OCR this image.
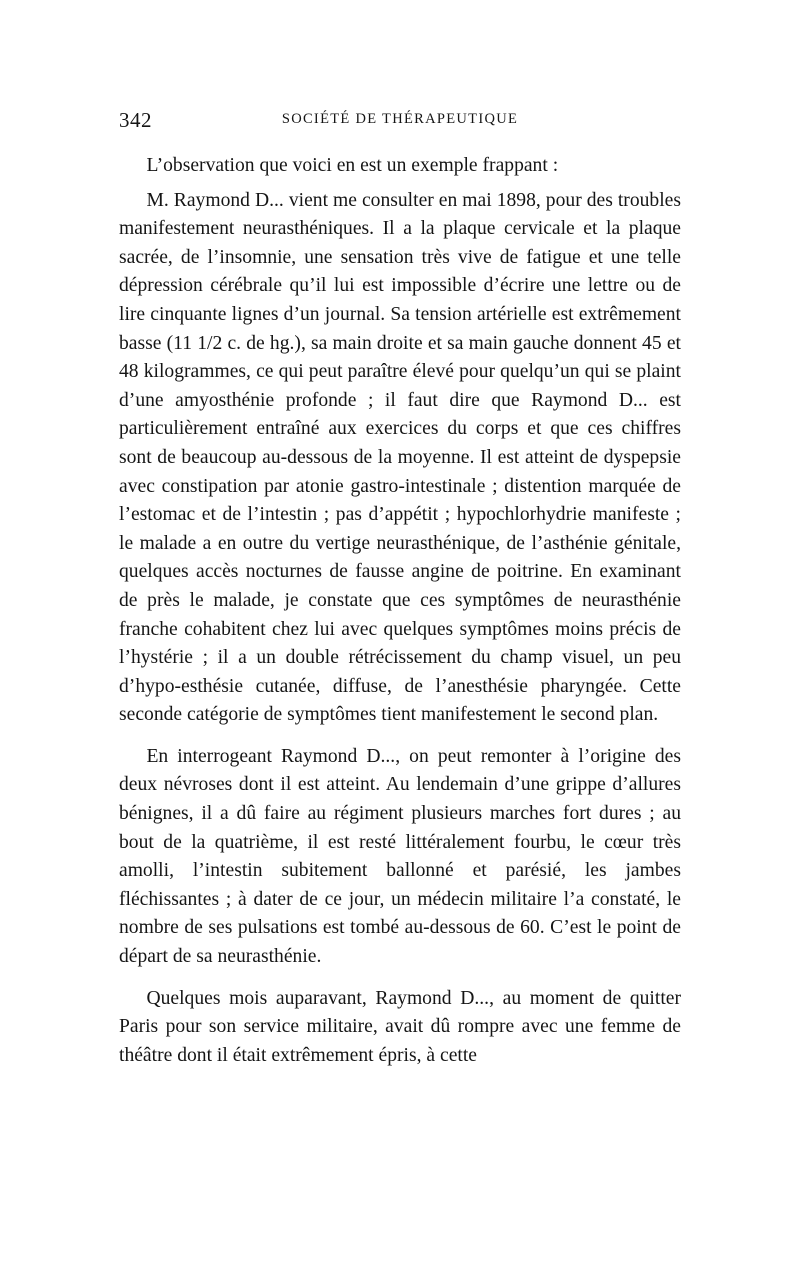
342	SOCIÉTÉ DE THÉRAPEUTIQUE

L’observation que voici en est un exemple frappant :

M. Raymond D... vient me consulter en mai 1898, pour des troubles manifestement neurasthéniques. Il a la plaque cervicale et la plaque sacrée, de l’insomnie, une sensation très vive de fatigue et une telle dépression cérébrale qu’il lui est impossible d’écrire une lettre ou de lire cinquante lignes d’un journal. Sa tension artérielle est extrêmement basse (11 1/2 c. de hg.), sa main droite et sa main gauche donnent 45 et 48 kilogrammes, ce qui peut paraître élevé pour quelqu’un qui se plaint d’une amyosthénie profonde ; il faut dire que Raymond D... est particulièrement entraîné aux exercices du corps et que ces chiffres sont de beaucoup au-dessous de la moyenne. Il est atteint de dyspepsie avec constipation par atonie gastro-intestinale ; distention marquée de l’estomac et de l’intestin ; pas d’appétit ; hypochlorhydrie manifeste ; le malade a en outre du vertige neurasthénique, de l’asthénie génitale, quelques accès nocturnes de fausse angine de poitrine. En examinant de près le malade, je constate que ces symptômes de neurasthénie franche cohabitent chez lui avec quelques symptômes moins précis de l’hystérie ; il a un double rétrécissement du champ visuel, un peu d’hypo-esthésie cutanée, diffuse, de l’anesthésie pharyngée. Cette seconde catégorie de symptômes tient manifestement le second plan.

En interrogeant Raymond D..., on peut remonter à l’origine des deux névroses dont il est atteint. Au lendemain d’une grippe d’allures bénignes, il a dû faire au régiment plusieurs marches fort dures ; au bout de la quatrième, il est resté littéralement fourbu, le cœur très amolli, l’intestin subitement ballonné et parésié, les jambes fléchissantes ; à dater de ce jour, un médecin militaire l’a constaté, le nombre de ses pulsations est tombé au-dessous de 60. C’est le point de départ de sa neurasthénie.

Quelques mois auparavant, Raymond D..., au moment de quitter Paris pour son service militaire, avait dû rompre avec une femme de théâtre dont il était extrêmement épris, à cette
